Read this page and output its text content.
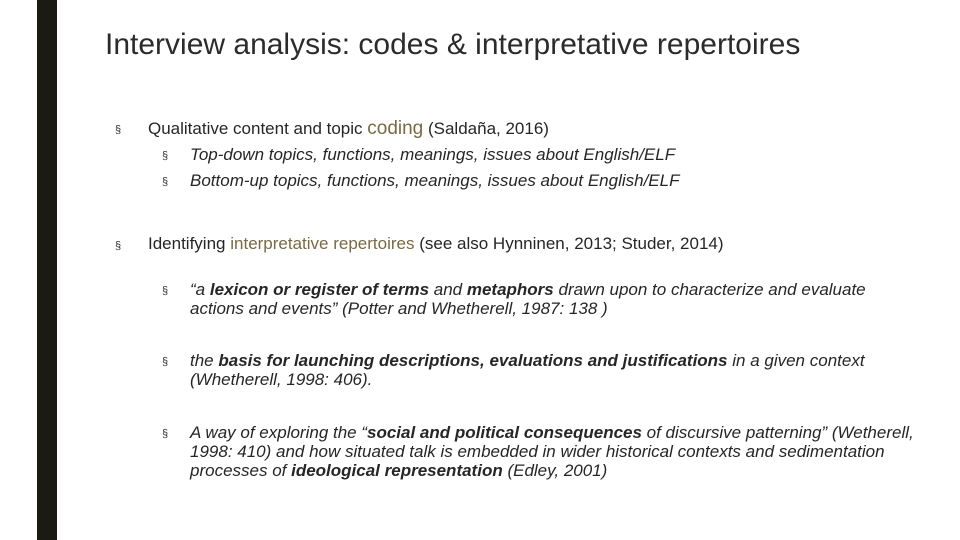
Interview analysis: codes & interpretative repertoires
§ Qualitative content and topic coding (Saldaña, 2016)
§ Top-down topics, functions, meanings, issues about English/ELF
§ Bottom-up topics, functions, meanings, issues about English/ELF
§ Identifying interpretative repertoires (see also Hynninen, 2013; Studer, 2014)
§ “a lexicon or register of terms and metaphors drawn upon to characterize and evaluate actions and events” (Potter and Whetherell, 1987: 138 )
§ the basis for launching descriptions, evaluations and justifications in a given context (Whetherell, 1998: 406).
§ A way of exploring the “social and political consequences of discursive patterning” (Wetherell, 1998: 410) and how situated talk is embedded in wider historical contexts and sedimentation processes of ideological representation (Edley, 2001)
